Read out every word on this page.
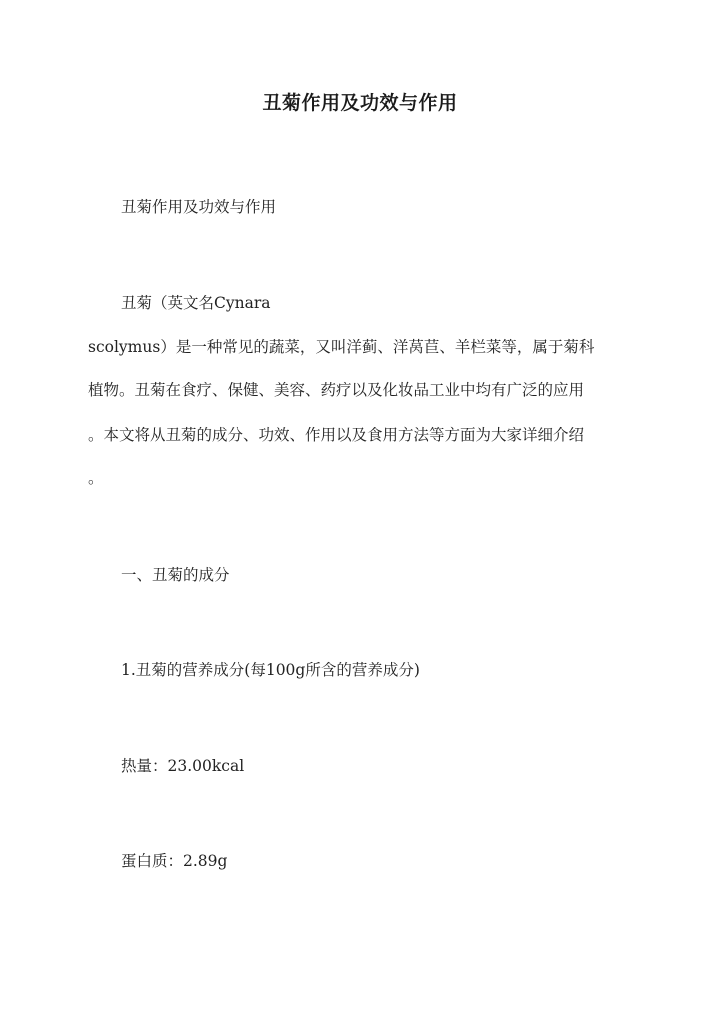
丑菊作用及功效与作用

丑菊作用及功效与作用

丑菊（英文名Cynara

scolymus）是一种常见的蔬菜，又叫洋蓟、洋莴苣、羊栏菜等，属于菊科

植物。丑菊在食疗、保健、美容、药疗以及化妆品工业中均有广泛的应用

。本文将从丑菊的成分、功效、作用以及食用方法等方面为大家详细介绍

。

一、丑菊的成分

1.丑菊的营养成分(每100g所含的营养成分)

热量：23.00kcal

蛋白质：2.89g
